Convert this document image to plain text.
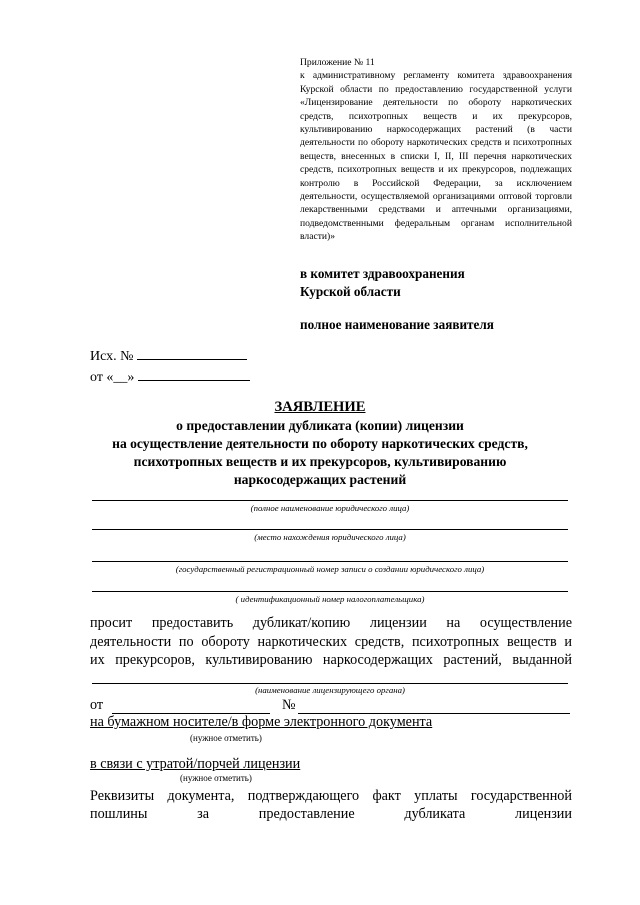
Приложение № 11
к административному регламенту комитета здравоохранения Курской области по предоставлению государственной услуги «Лицензирование деятельности по обороту наркотических средств, психотропных веществ и их прекурсоров, культивированию наркосодержащих растений (в части деятельности по обороту наркотических средств и психотропных веществ, внесенных в списки I, II, III перечня наркотических средств, психотропных веществ и их прекурсоров, подлежащих контролю в Российской Федерации, за исключением деятельности, осуществляемой организациями оптовой торговли лекарственными средствами и аптечными организациями, подведомственными федеральным органам исполнительной власти)»
в комитет здравоохранения
Курской области
полное наименование заявителя
Исх. №
от «__»
ЗАЯВЛЕНИЕ
о предоставлении дубликата (копии) лицензии
на осуществление деятельности по обороту наркотических средств,
психотропных веществ и их прекурсоров, культивированию
наркосодержащих растений
(полное наименование юридического лица)
(место нахождения юридического лица)
(государственный регистрационный номер записи о создании юридического лица)
( идентификационный номер налогоплательщика)
просит предоставить дубликат/копию лицензии на осуществление
деятельности по обороту наркотических средств, психотропных веществ и
их прекурсоров, культивированию наркосодержащих растений, выданной
(наименование лицензирующего органа)
от	№
на бумажном носителе/в форме электронного документа
(нужное отметить)
в связи с утратой/порчей лицензии
(нужное отметить)
Реквизиты документа, подтверждающего факт уплаты государственной
пошлины за предоставление дубликата лицензии
